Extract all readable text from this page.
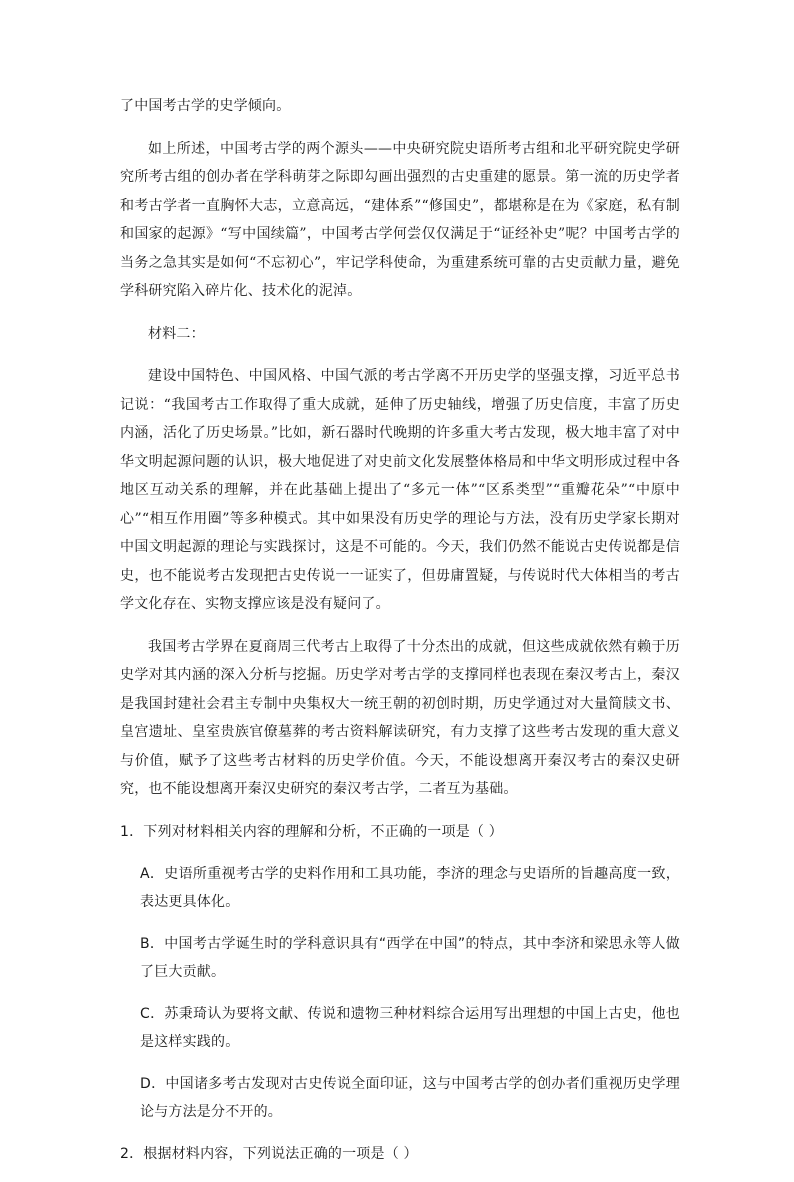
了中国考古学的史学倾向。

如上所述，中国考古学的两个源头——中央研究院史语所考古组和北平研究院史学研究所考古组的创办者在学科萌芽之际即勾画出强烈的古史重建的愿景。第一流的历史学者和考古学者一直胸怀大志，立意高远，“建体系”“修国史”，都堪称是在为《家庭，私有制和国家的起源》“写中国续篇”，中国考古学何尝仅仅满足于“证经补史”呢？中国考古学的当务之急其实是如何“不忘初心”，牢记学科使命，为重建系统可靠的古史贡献力量，避免学科研究陷入碎片化、技术化的泥淖。

材料二：

建设中国特色、中国风格、中国气派的考古学离不开历史学的坚强支撑，习近平总书记说：“我国考古工作取得了重大成就，延伸了历史轴线，增强了历史信度，丰富了历史内涵，活化了历史场景。”比如，新石器时代晚期的许多重大考古发现，极大地丰富了对中华文明起源问题的认识，极大地促进了对史前文化发展整体格局和中华文明形成过程中各地区互动关系的理解，并在此基础上提出了“多元一体”“区系类型”“重瓣花朵”“中原中心”“相互作用圈”等多种模式。其中如果没有历史学的理论与方法，没有历史学家长期对中国文明起源的理论与实践探讨，这是不可能的。今天，我们仍然不能说古史传说都是信史，也不能说考古发现把古史传说一一证实了，但毋庸置疑，与传说时代大体相当的考古学文化存在、实物支撑应该是没有疑问了。

我国考古学界在夏商周三代考古上取得了十分杰出的成就，但这些成就依然有赖于历史学对其内涵的深入分析与挖掘。历史学对考古学的支撑同样也表现在秦汉考古上，秦汉是我国封建社会君主专制中央集权大一统王朝的初创时期，历史学通过对大量简牍文书、皇宫遗址、皇室贵族官僚墓葬的考古资料解读研究，有力支撑了这些考古发现的重大意义与价值，赋予了这些考古材料的历史学价值。今天，不能设想离开秦汉考古的秦汉史研究，也不能设想离开秦汉史研究的秦汉考古学，二者互为基础。

1．下列对材料相关内容的理解和分析，不正确的一项是（ ）

A．史语所重视考古学的史料作用和工具功能，李济的理念与史语所的旨趣高度一致，表达更具体化。

B．中国考古学诞生时的学科意识具有“西学在中国”的特点，其中李济和梁思永等人做了巨大贡献。

C．苏秉琦认为要将文献、传说和遗物三种材料综合运用写出理想的中国上古史，他也是这样实践的。

D．中国诸多考古发现对古史传说全面印证，这与中国考古学的创办者们重视历史学理论与方法是分不开的。

2．根据材料内容，下列说法正确的一项是（ ）
